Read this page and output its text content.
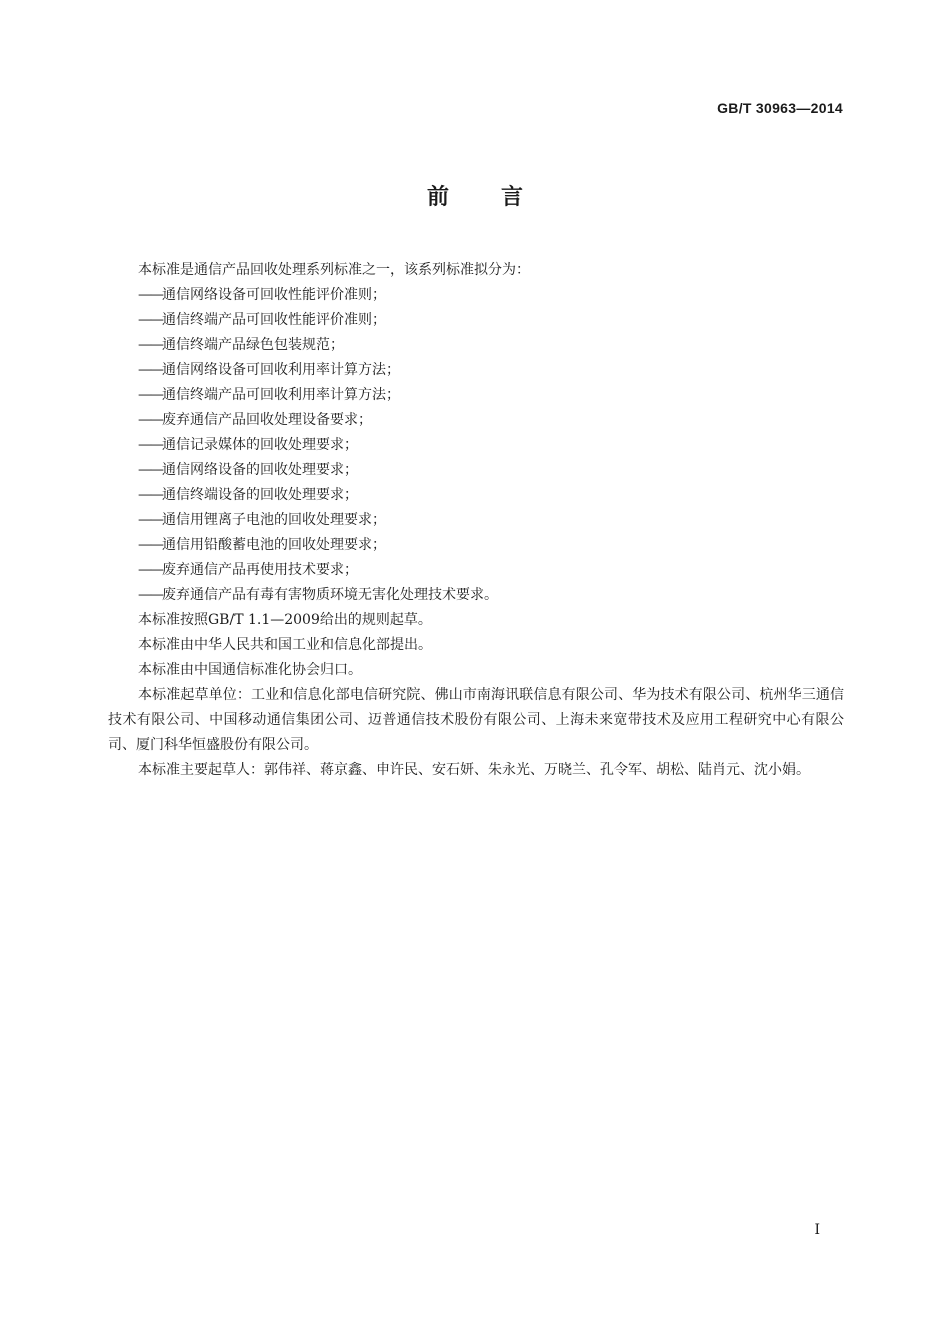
GB/T 30963—2014
前言

本标准是通信产品回收处理系列标准之一，该系列标准拟分为：

——通信网络设备可回收性能评价准则；

——通信终端产品可回收性能评价准则；

——通信终端产品绿色包装规范；

——通信网络设备可回收利用率计算方法；

——通信终端产品可回收利用率计算方法；

——废弃通信产品回收处理设备要求；

——通信记录媒体的回收处理要求；

——通信网络设备的回收处理要求；

——通信终端设备的回收处理要求；

——通信用锂离子电池的回收处理要求；

——通信用铅酸蓄电池的回收处理要求；

——废弃通信产品再使用技术要求；

——废弃通信产品有毒有害物质环境无害化处理技术要求。

本标准按照GB/T 1.1—2009给出的规则起草。

本标准由中华人民共和国工业和信息化部提出。

本标准由中国通信标准化协会归口。

本标准起草单位：工业和信息化部电信研究院、佛山市南海讯联信息有限公司、华为技术有限公司、杭州华三通信技术有限公司、中国移动通信集团公司、迈普通信技术股份有限公司、上海未来宽带技术及应用工程研究中心有限公司、厦门科华恒盛股份有限公司。

本标准主要起草人：郭伟祥、蒋京鑫、申许民、安石妍、朱永光、万晓兰、孔令军、胡松、陆肖元、沈小娟。

I
